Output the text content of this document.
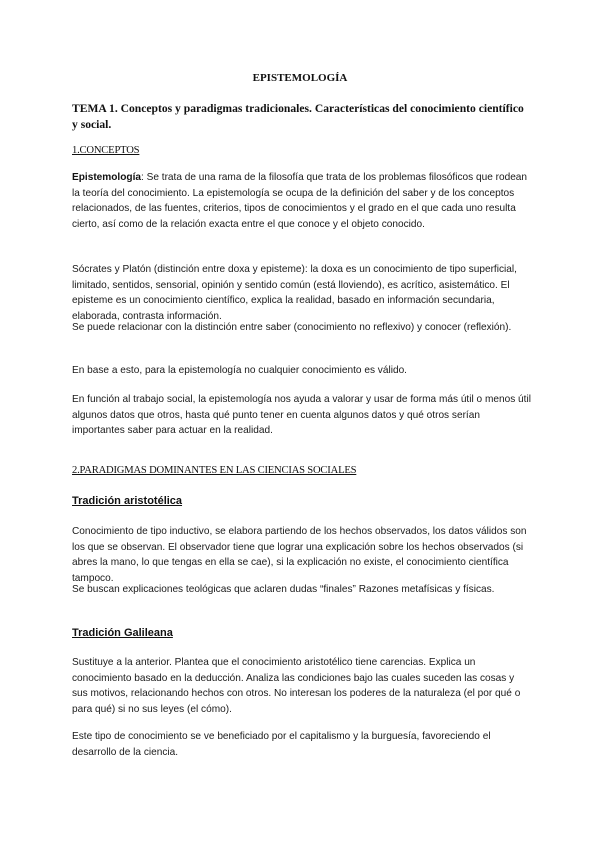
EPISTEMOLOGÍA
TEMA 1. Conceptos y paradigmas tradicionales. Características del conocimiento científico y social.
1.CONCEPTOS

Epistemología: Se trata de una rama de la filosofía que trata de los problemas filosóficos que rodean la teoría del conocimiento. La epistemología se ocupa de la definición del saber y de los conceptos relacionados, de las fuentes, criterios, tipos de conocimientos y el grado en el que cada uno resulta cierto, así como de la relación exacta entre el que conoce y el objeto conocido.

Sócrates y Platón (distinción entre doxa y episteme): la doxa es un conocimiento de tipo superficial, limitado, sentidos, sensorial, opinión y sentido común (está lloviendo), es acrítico, asistemático. El episteme es un conocimiento científico, explica la realidad, basado en información secundaria, elaborada, contrasta información.

Se puede relacionar con la distinción entre saber (conocimiento no reflexivo) y conocer (reflexión).

En base a esto, para la epistemología no cualquier conocimiento es válido.

En función al trabajo social, la epistemología nos ayuda a valorar y usar de forma más útil o menos útil algunos datos que otros, hasta qué punto tener en cuenta algunos datos y qué otros serían importantes saber para actuar en la realidad.

2.PARADIGMAS DOMINANTES EN LAS CIENCIAS SOCIALES
Tradición aristotélica

Conocimiento de tipo inductivo, se elabora partiendo de los hechos observados, los datos válidos son los que se observan. El observador tiene que lograr una explicación sobre los hechos observados (si abres la mano, lo que tengas en ella se cae), si la explicación no existe, el conocimiento científica tampoco.

Se buscan explicaciones teológicas que aclaren dudas “finales” Razones metafísicas y físicas.

Tradición Galileana

Sustituye a la anterior. Plantea que el conocimiento aristotélico tiene carencias. Explica un conocimiento basado en la deducción. Analiza las condiciones bajo las cuales suceden las cosas y sus motivos, relacionando hechos con otros. No interesan los poderes de la naturaleza (el por qué o para qué) si no sus leyes (el cómo).

Este tipo de conocimiento se ve beneficiado por el capitalismo y la burguesía, favoreciendo el desarrollo de la ciencia.
